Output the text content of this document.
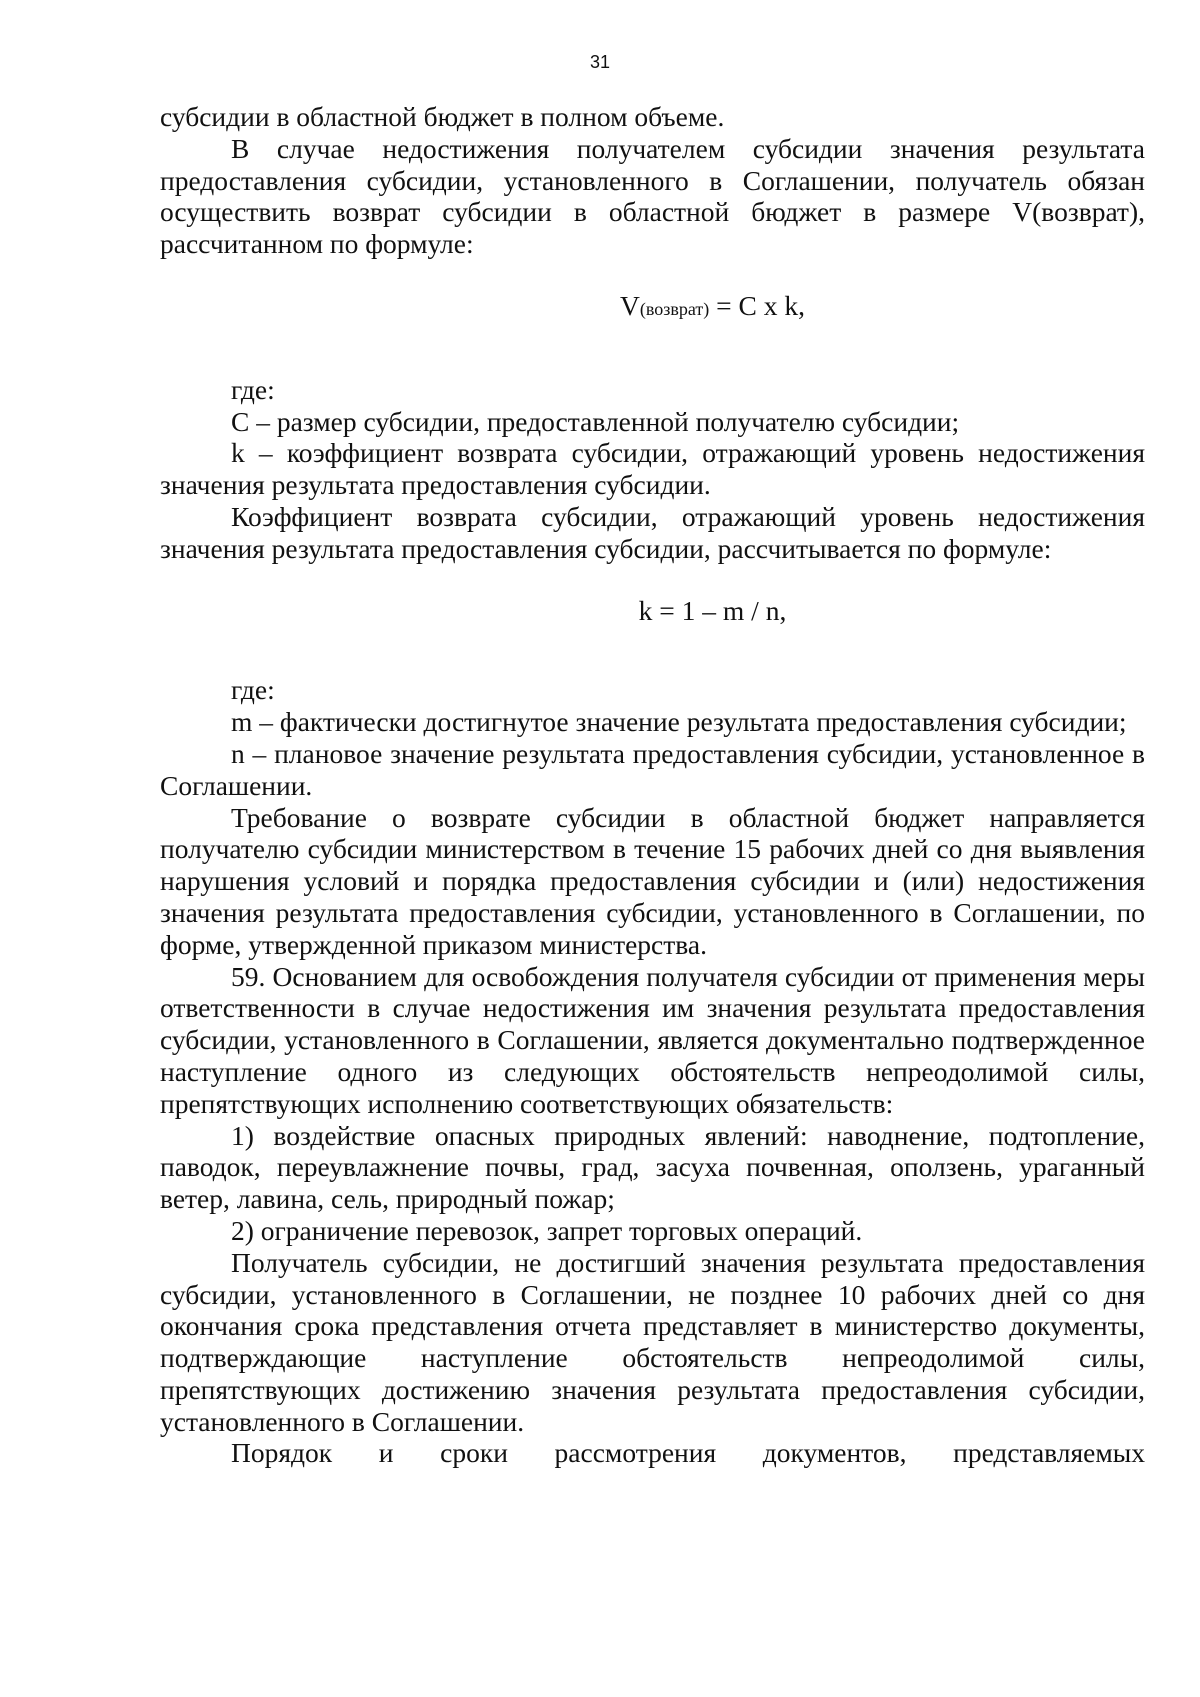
31

субсидии в областной бюджет в полном объеме.

В случае недостижения получателем субсидии значения результата предоставления субсидии, установленного в Соглашении, получатель обязан осуществить возврат субсидии в областной бюджет в размере V(возврат), рассчитанном по формуле:

V(возврат) = C x k,

где:

C – размер субсидии, предоставленной получателю субсидии;

k – коэффициент возврата субсидии, отражающий уровень недостижения значения результата предоставления субсидии.

Коэффициент возврата субсидии, отражающий уровень недостижения значения результата предоставления субсидии, рассчитывается по формуле:

k = 1 – m / n,

где:

m – фактически достигнутое значение результата предоставления субсидии;

n – плановое значение результата предоставления субсидии, установленное в Соглашении.

Требование о возврате субсидии в областной бюджет направляется получателю субсидии министерством в течение 15 рабочих дней со дня выявления нарушения условий и порядка предоставления субсидии и (или) недостижения значения результата предоставления субсидии, установленного в Соглашении, по форме, утвержденной приказом министерства.

59. Основанием для освобождения получателя субсидии от применения меры ответственности в случае недостижения им значения результата предоставления субсидии, установленного в Соглашении, является документально подтвержденное наступление одного из следующих обстоятельств непреодолимой силы, препятствующих исполнению соответствующих обязательств:

1) воздействие опасных природных явлений: наводнение, подтопление, паводок, переувлажнение почвы, град, засуха почвенная, оползень, ураганный ветер, лавина, сель, природный пожар;

2) ограничение перевозок, запрет торговых операций.

Получатель субсидии, не достигший значения результата предоставления субсидии, установленного в Соглашении, не позднее 10 рабочих дней со дня окончания срока представления отчета представляет в министерство документы, подтверждающие наступление обстоятельств непреодолимой силы, препятствующих достижению значения результата предоставления субсидии, установленного в Соглашении.

Порядок и сроки рассмотрения документов, представляемых
